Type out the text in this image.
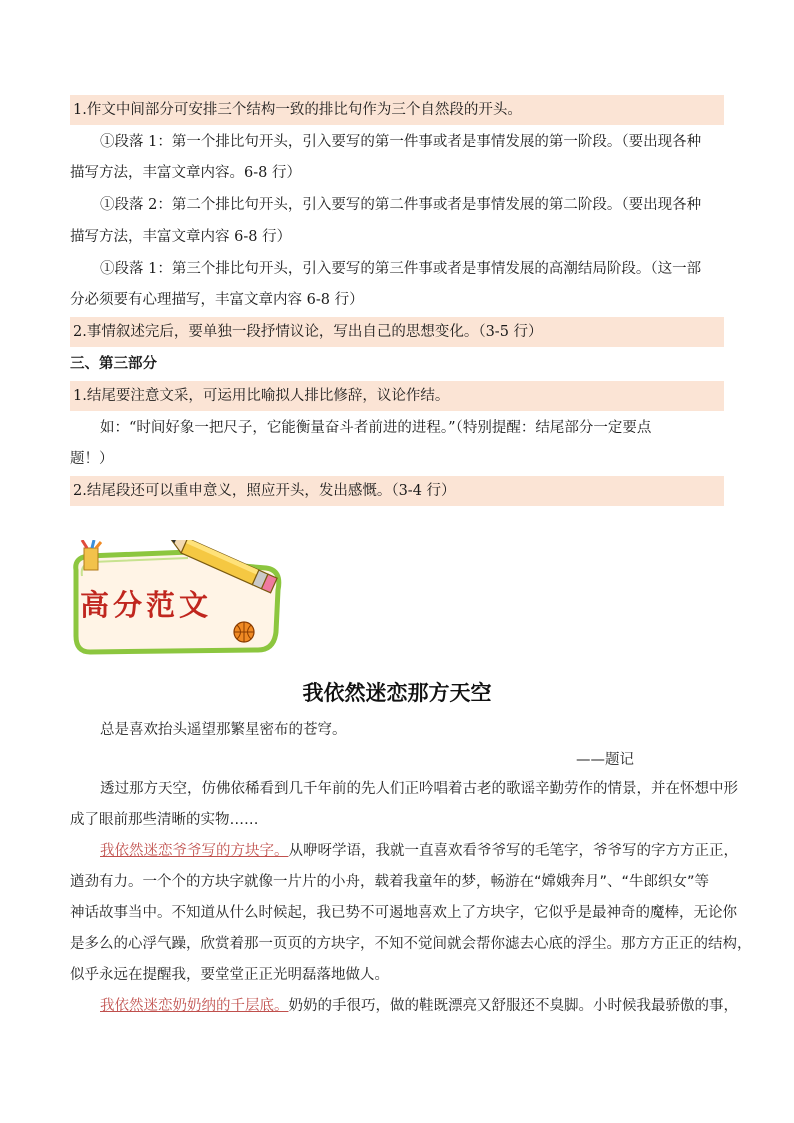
1.作文中间部分可安排三个结构一致的排比句作为三个自然段的开头。
①段落 1：第一个排比句开头，引入要写的第一件事或者是事情发展的第一阶段。（要出现各种
描写方法，丰富文章内容。6-8 行）
①段落 2：第二个排比句开头，引入要写的第二件事或者是事情发展的第二阶段。（要出现各种
描写方法，丰富文章内容 6-8 行）
①段落 1：第三个排比句开头，引入要写的第三件事或者是事情发展的高潮结局阶段。（这一部
分必须要有心理描写，丰富文章内容 6-8 行）
2.事情叙述完后，要单独一段抒情议论，写出自己的思想变化。（3-5 行）
三、第三部分
1.结尾要注意文采，可运用比喻拟人排比修辞，议论作结。
如：“时间好象一把尺子，它能衡量奋斗者前进的进程。”（特别提醒：结尾部分一定要点
题！）
2.结尾段还可以重申意义，照应开头，发出感慨。（3-4 行）
高分范文
我依然迷恋那方天空
总是喜欢抬头遥望那繁星密布的苍穹。
——题记
透过那方天空，仿佛依稀看到几千年前的先人们正吟唱着古老的歌谣辛勤劳作的情景，并在怀想中形
成了眼前那些清晰的实物……
我依然迷恋爷爷写的方块字。从咿呀学语，我就一直喜欢看爷爷写的毛笔字，爷爷写的字方方正正，
遒劲有力。一个个的方块字就像一片片的小舟，载着我童年的梦，畅游在“嫦娥奔月”、“牛郎织女”等
神话故事当中。不知道从什么时候起，我已势不可遏地喜欢上了方块字，它似乎是最神奇的魔棒，无论你
是多么的心浮气躁，欣赏着那一页页的方块字，不知不觉间就会帮你滤去心底的浮尘。那方方正正的结构，
似乎永远在提醒我，要堂堂正正光明磊落地做人。
我依然迷恋奶奶纳的千层底。奶奶的手很巧，做的鞋既漂亮又舒服还不臭脚。小时候我最骄傲的事，
